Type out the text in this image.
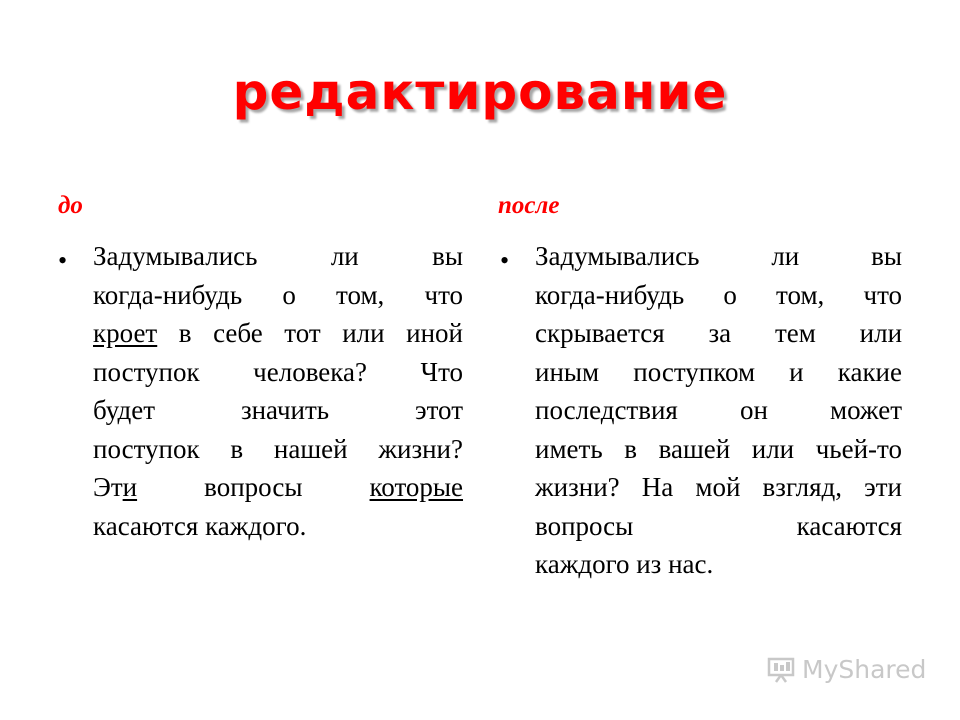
редактирование
до	после
•	•
Задумывались	ли	вы
когда-нибудь о том, что
кроет в себе тот или иной
поступок человека? Что
будет	значить	этот
поступок в нашей жизни?
Эти вопросы которые
касаются каждого.
Задумывались	ли	вы
когда-нибудь о том, что
скрывается за тем или
иным поступком и какие
последствия он может
иметь в вашей или чьей-то
жизни? На мой взгляд, эти
вопросы	касаются
каждого из нас.
MyShared
